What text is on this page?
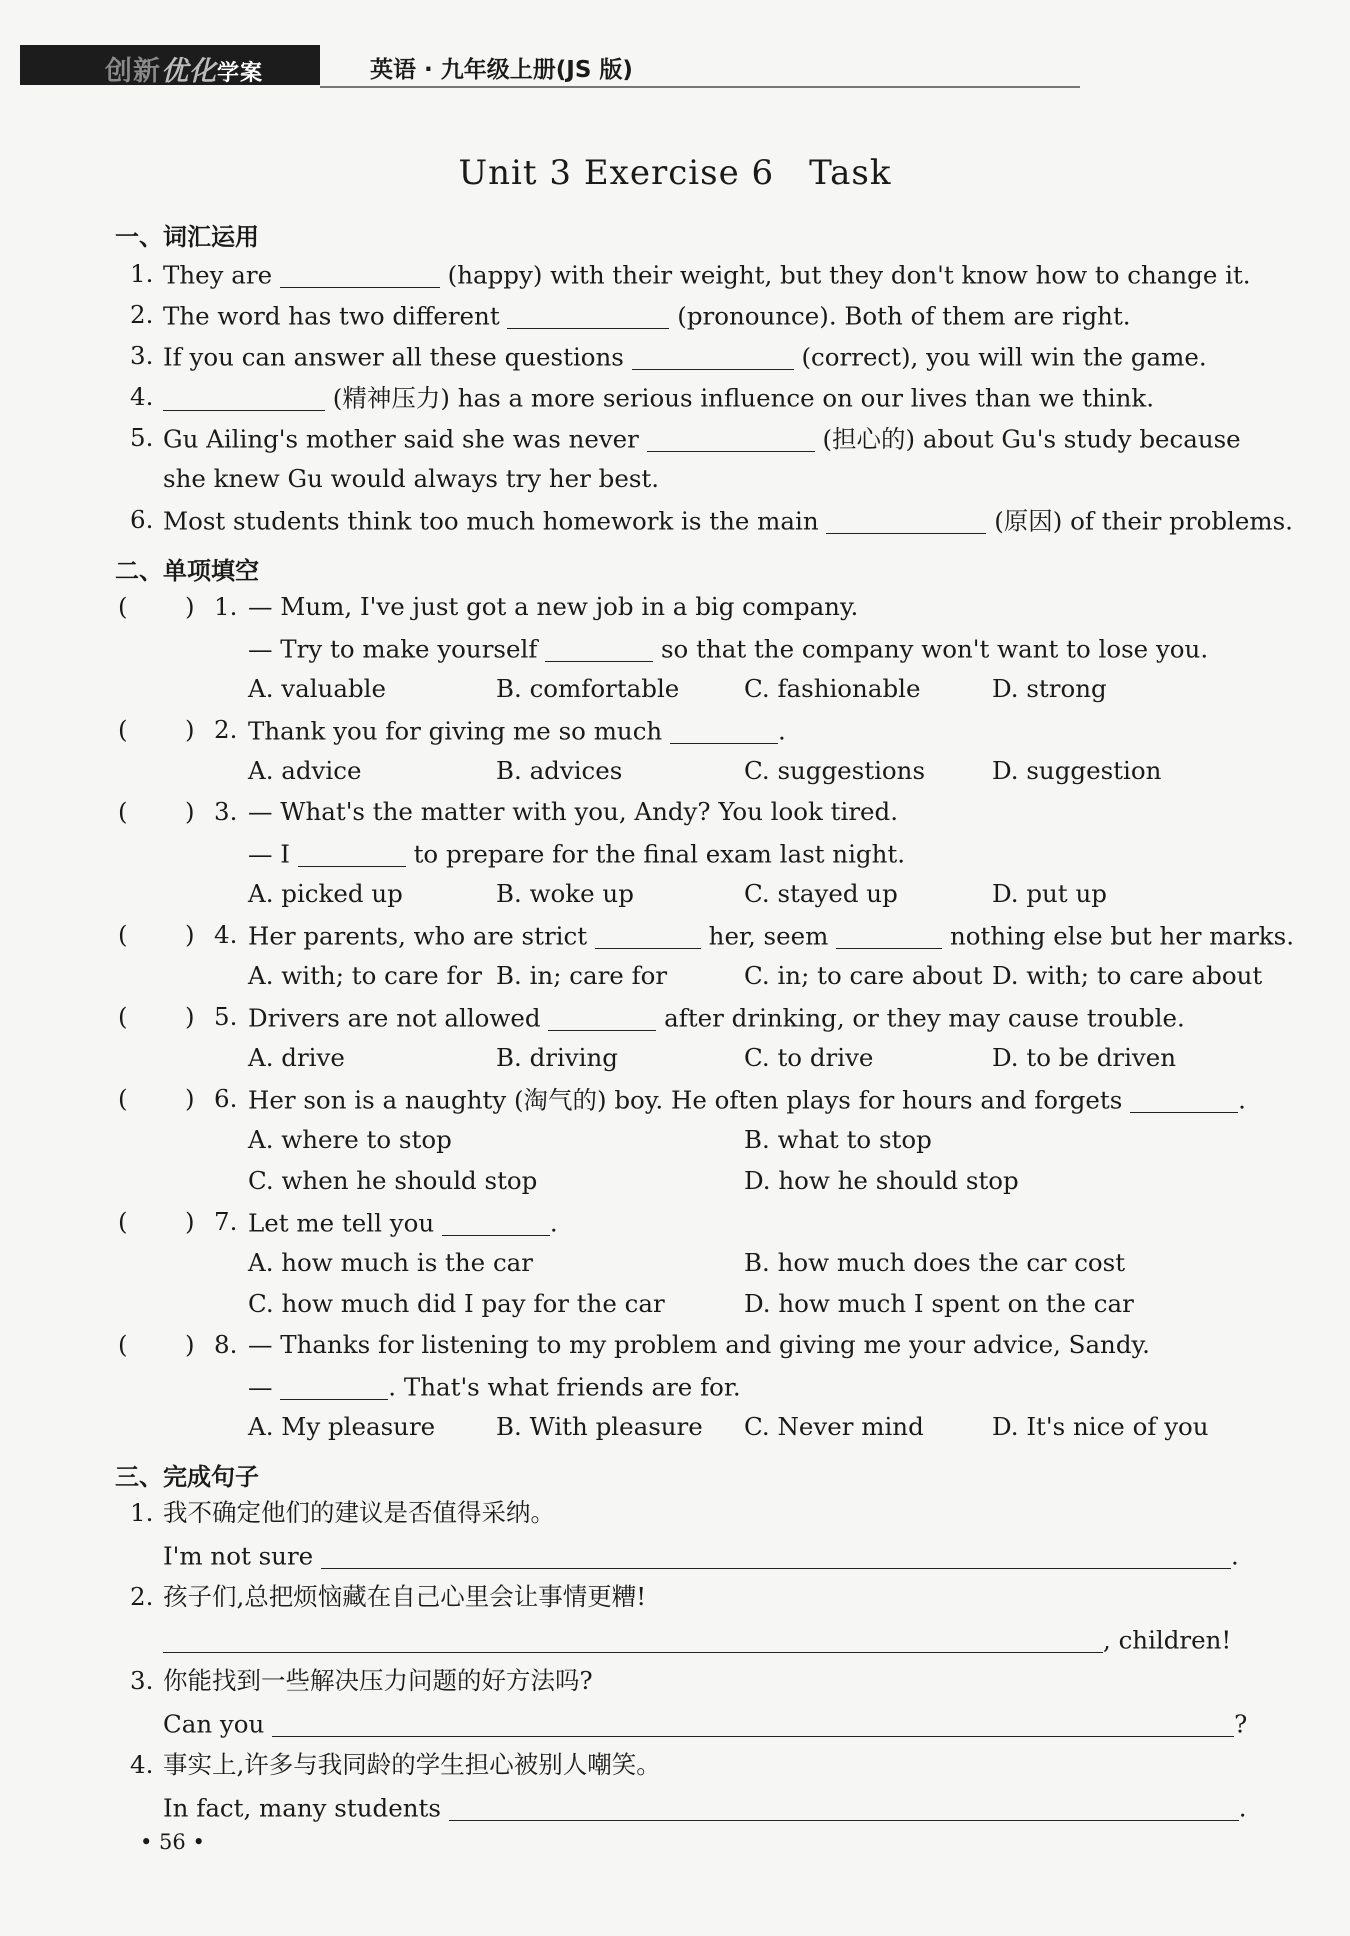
创新优化学案	英语 · 九年级上册(JS 版)
Unit 3 Exercise 6　Task
一、词汇运用
1. They are	(happy) with their weight, but they don't know how to change it.
2. The word has two different	(pronounce). Both of them are right.
3. If you can answer all these questions	(correct), you will win the game.
4.	(精神压力) has a more serious influence on our lives than we think.
5. Gu Ailing's mother said she was never	(担心的) about Gu's study because
she knew Gu would always try her best.
6. Most students think too much homework is the main	(原因) of their problems.
二、单项填空
( ) 1. — Mum, I've just got a new job in a big company.
— Try to make yourself	so that the company won't want to lose you.
A. valuable	B. comfortable	C. fashionable	D. strong
( ) 2. Thank you for giving me so much	.
A. advice	B. advices	C. suggestions	D. suggestion
( ) 3. — What's the matter with you, Andy? You look tired.
— I	to prepare for the final exam last night.
A. picked up	B. woke up	C. stayed up	D. put up
( ) 4. Her parents, who are strict	her, seem	nothing else but her marks.
A. with; to care for B. in; care for	C. in; to care about D. with; to care about
( ) 5. Drivers are not allowed	after drinking, or they may cause trouble.
A. drive	B. driving	C. to drive	D. to be driven
( ) 6. Her son is a naughty (淘气的) boy. He often plays for hours and forgets	.
A. where to stop	B. what to stop
C. when he should stop	D. how he should stop
( ) 7. Let me tell you	.
A. how much is the car	B. how much does the car cost
C. how much did I pay for the car	D. how much I spent on the car
( ) 8. — Thanks for listening to my problem and giving me your advice, Sandy.
—	. That's what friends are for.
A. My pleasure B. With pleasure C. Never mind	D. It's nice of you
三、完成句子
1. 我不确定他们的建议是否值得采纳。
I'm not sure	.
2. 孩子们,总把烦恼藏在自己心里会让事情更糟!
, children!
3. 你能找到一些解决压力问题的好方法吗?
Can you	?
4. 事实上,许多与我同龄的学生担心被别人嘲笑。
In fact, many students	.
• 56 •
